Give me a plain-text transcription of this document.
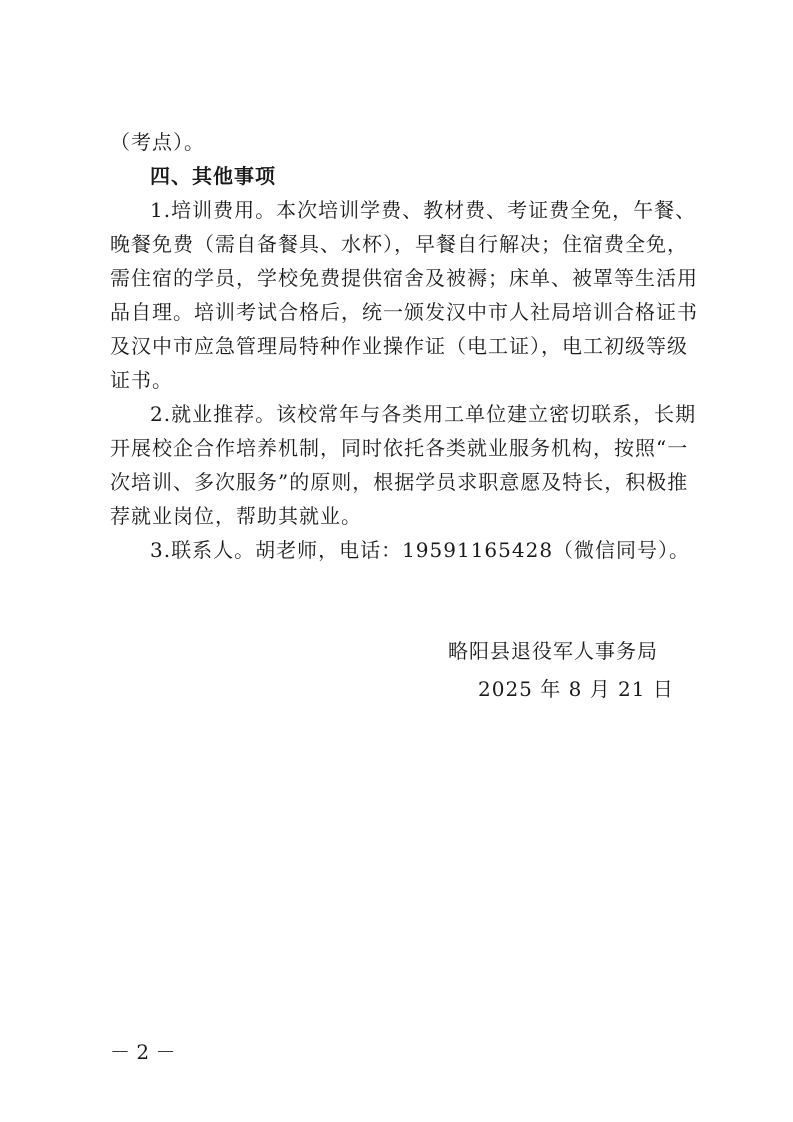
（考点）。
四、其他事项
1.培训费用。本次培训学费、教材费、考证费全免，午餐、
晚餐免费（需自备餐具、水杯），早餐自行解决；住宿费全免，
需住宿的学员，学校免费提供宿舍及被褥；床单、被罩等生活用
品自理。培训考试合格后，统一颁发汉中市人社局培训合格证书
及汉中市应急管理局特种作业操作证（电工证），电工初级等级
证书。
2.就业推荐。该校常年与各类用工单位建立密切联系，长期
开展校企合作培养机制，同时依托各类就业服务机构，按照“一
次培训、多次服务”的原则，根据学员求职意愿及特长，积极推
荐就业岗位，帮助其就业。
3.联系人。胡老师，电话：19591165428（微信同号）。
略阳县退役军人事务局
2025 年 8 月 21 日
－ 2 －
